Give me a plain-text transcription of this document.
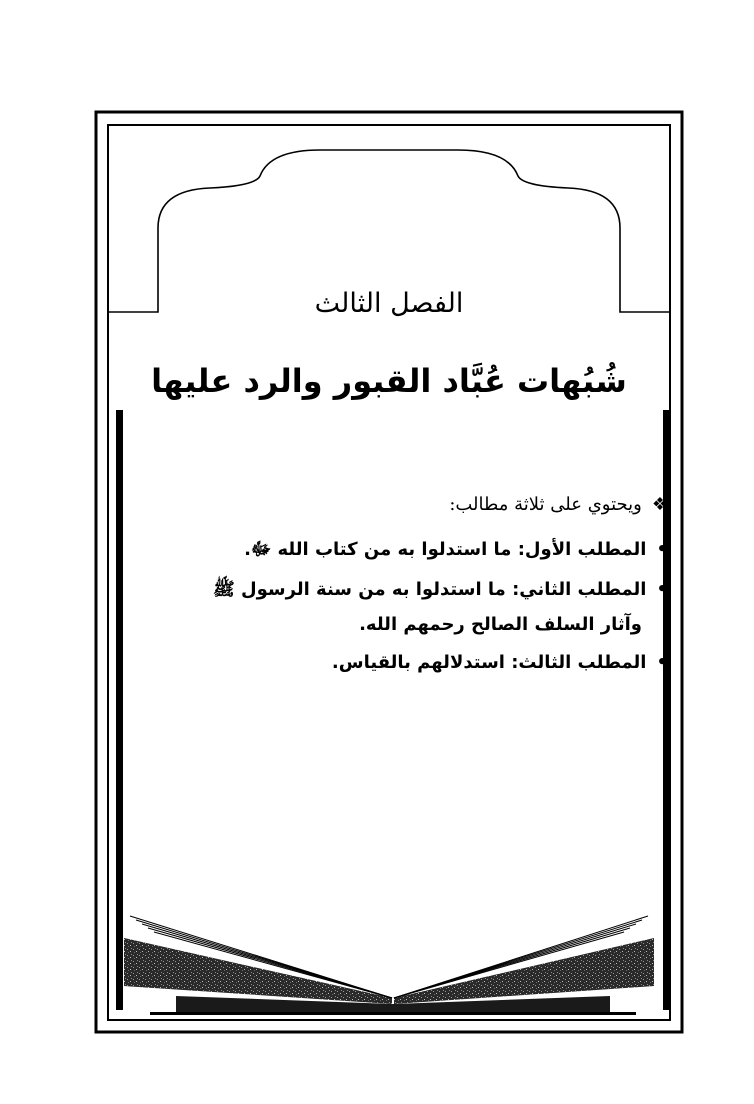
الفصل الثالث
شُبُهات عُبَّاد القبور والرد عليها
❖ويحتوي على ثلاثة مطالب:
•المطلب الأول: ما استدلوا به من كتاب الله ﷻ.
•المطلب الثاني: ما استدلوا به من سنة الرسول ﷺ
وآثار السلف الصالح رحمهم الله.
•المطلب الثالث: استدلالهم بالقياس.
